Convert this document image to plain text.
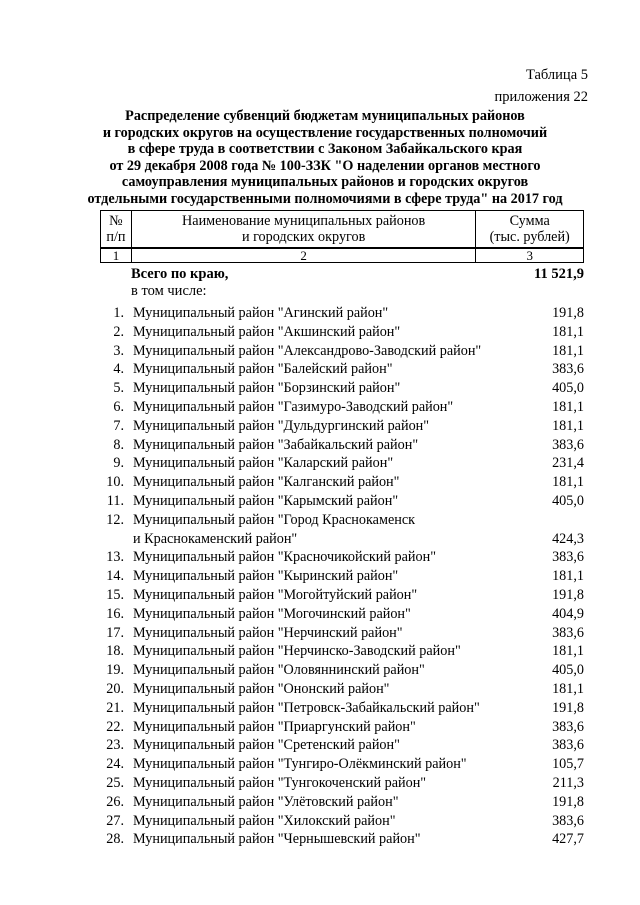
Таблица 5
приложения 22
Распределение субвенций бюджетам муниципальных районов
и городских округов на осуществление государственных полномочий
в сфере труда в соответствии с Законом Забайкальского края
от 29 декабря 2008 года № 100-ЗЗК "О наделении органов местного
самоуправления муниципальных районов и городских округов
отдельными государственными полномочиями в сфере труда" на 2017 год
№
п/п

Наименование муниципальных районов
и городских округов

Сумма
(тыс. рублей)
1	2	3
Всего по краю,	11 521,9
в том числе:
1. Муниципальный район "Агинский район"	191,8
2. Муниципальный район "Акшинский район"	181,1
3. Муниципальный район "Александрово-Заводский район"	181,1
4. Муниципальный район "Балейский район"	383,6
5. Муниципальный район "Борзинский район"	405,0
6. Муниципальный район "Газимуро-Заводский район"	181,1
7. Муниципальный район "Дульдургинский район"	181,1
8. Муниципальный район "Забайкальский район"	383,6
9. Муниципальный район "Каларский район"	231,4
10. Муниципальный район "Калганский район"	181,1
11. Муниципальный район "Карымский район"	405,0
12. Муниципальный район "Город Краснокаменск
и Краснокаменский район"	424,3
13. Муниципальный район "Красночикойский район"	383,6
14. Муниципальный район "Кыринский район"	181,1
15. Муниципальный район "Могойтуйский район"	191,8
16. Муниципальный район "Могочинский район"	404,9
17. Муниципальный район "Нерчинский район"	383,6
18. Муниципальный район "Нерчинско-Заводский район"	181,1
19. Муниципальный район "Оловяннинский район"	405,0
20. Муниципальный район "Ононский район"	181,1
21. Муниципальный район "Петровск-Забайкальский район"	191,8
22. Муниципальный район "Приаргунский район"	383,6
23. Муниципальный район "Сретенский район"	383,6
24. Муниципальный район "Тунгиро-Олёкминский район"	105,7
25. Муниципальный район "Тунгокоченский район"	211,3
26. Муниципальный район "Улётовский район"	191,8
27. Муниципальный район "Хилокский район"	383,6
28. Муниципальный район "Чернышевский район"	427,7
